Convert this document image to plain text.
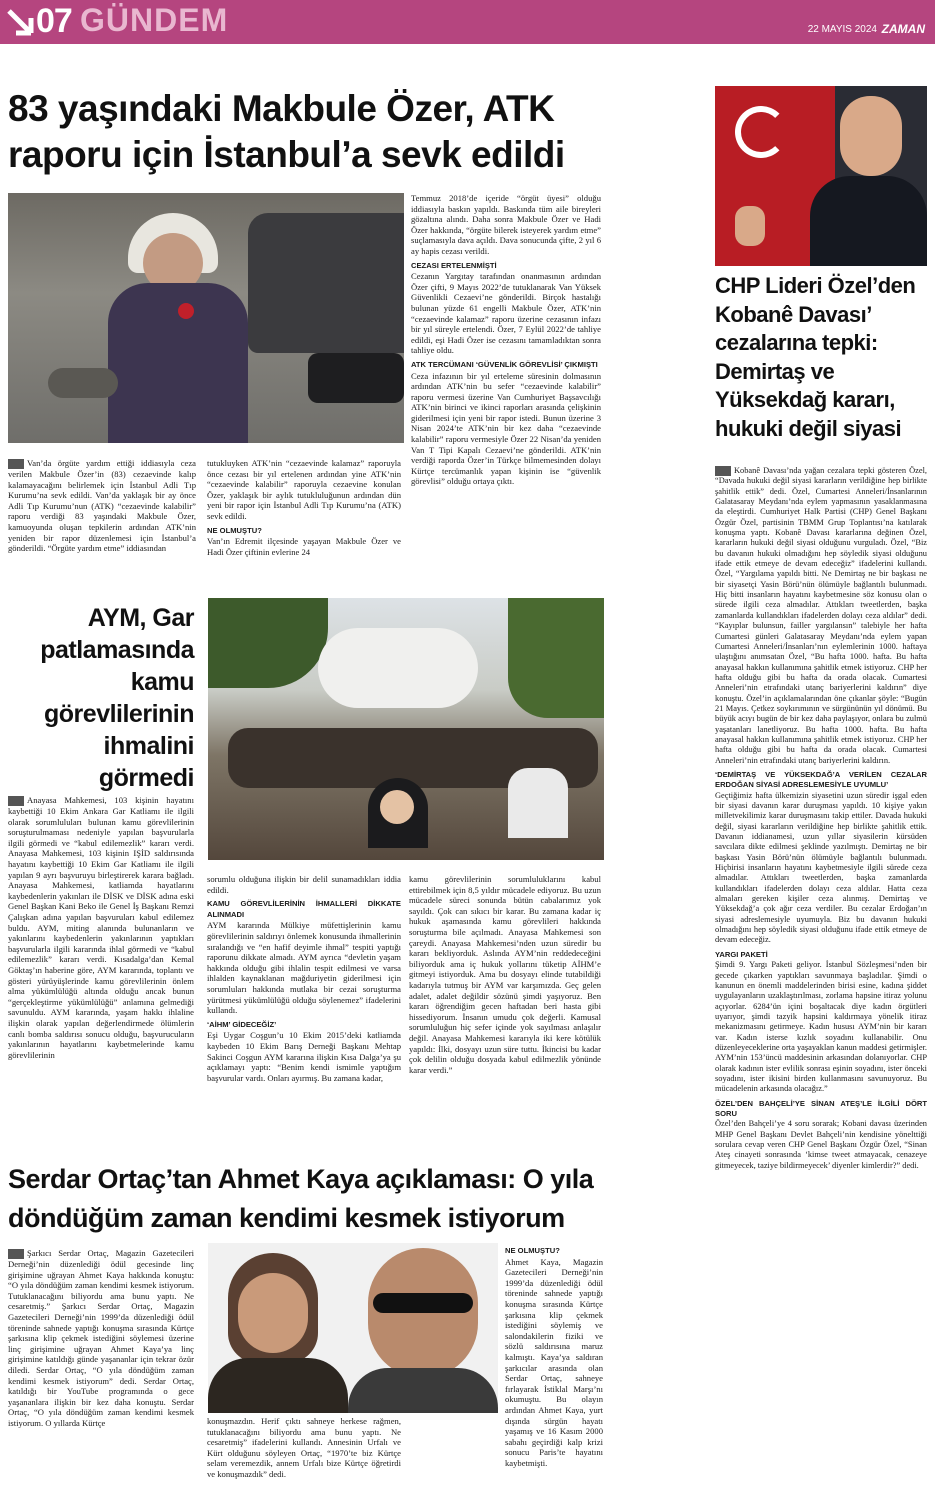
07 GÜNDEM	22 MAYIS 2024 ZAMAN
83 yaşındaki Makbule Özer, ATK
raporu için İstanbul’a sevk edildi
Van’da örgüte yardım ettiği iddiasıyla ceza verilen Makbule Özer’in (83) cezaevinde kalıp kalamayacağını belirlemek için İstanbul Adli Tıp Kurumu’na sevk edildi. Van’da yaklaşık bir ay önce Adli Tıp Kurumu’nun (ATK) “cezaevinde kalabilir” raporu verdiği 83 yaşındaki Makbule Özer, kamuoyunda oluşan tepkilerin ardından ATK’nin yeniden bir rapor düzenlemesi için İstanbul’a gönderildi. “Örgüte yardım etme” iddiasından

tutukluyken ATK’nin “cezaevinde kalamaz” raporuyla önce cezası bir yıl ertelenen ardından yine ATK’nin “cezaevinde kalabilir” raporuyla cezaevine konulan Özer, yaklaşık bir aylık tutukluluğunun ardından dün yeni bir rapor için İstanbul Adli Tıp Kurumu’na (ATK) sevk edildi.

NE OLMUŞTU?

Van’ın Edremit ilçesinde yaşayan Makbule Özer ve Hadi Özer çiftinin evlerine 24

Temmuz 2018’de içeride “örgüt üyesi” olduğu iddiasıyla baskın yapıldı. Baskında tüm aile bireyleri gözaltına alındı. Daha sonra Makbule Özer ve Hadi Özer hakkında, “örgüte bilerek isteyerek yardım etme” suçlamasıyla dava açıldı. Dava sonucunda çifte, 2 yıl 6 ay hapis cezası verildi.

CEZASI ERTELENMİŞTİ

Cezanın Yargıtay tarafından onanmasının ardından Özer çifti, 9 Mayıs 2022’de tutuklanarak Van Yüksek Güvenlikli Cezaevi’ne gönderildi. Birçok hastalığı bulunan yüzde 61 engelli Makbule Özer, ATK’nin “cezaevinde kalamaz” raporu üzerine cezasının infazı bir yıl süreyle ertelendi. Özer, 7 Eylül 2022’de tahliye edildi, eşi Hadi Özer ise cezasını tamamladıktan sonra tahliye oldu.

ATK TERCÜMANI ‘GÜVENLİK GÖREVLİSİ’ ÇIKMIŞTI

Ceza infazının bir yıl erteleme süresinin dolmasının ardından ATK’nin bu sefer “cezaevinde kalabilir” raporu vermesi üzerine Van Cumhuriyet Başsavcılığı ATK’nin birinci ve ikinci raporları arasında çelişkinin giderilmesi için yeni bir rapor istedi. Bunun üzerine 3 Nisan 2024’te ATK’nin bir kez daha “cezaevinde kalabilir” raporu vermesiyle Özer 22 Nisan’da yeniden Van T Tipi Kapalı Cezaevi’ne gönderildi. ATK’nin verdiği raporda Özer’in Türkçe bilmemesinden dolayı Kürtçe tercümanlık yapan kişinin ise “güvenlik görevlisi” olduğu ortaya çıktı.

AYM, Gar
patlamasında
kamu
görevlilerinin
ihmalini görmedi
Anayasa Mahkemesi, 103 kişinin hayatını kaybettiği 10 Ekim Ankara Gar Katliamı ile ilgili olarak sorumluluları bulunan kamu görevlilerinin soruşturulmaması nedeniyle yapılan başvurularla ilgili görmedi ve “kabul edilemezlik” kararı verdi. Anayasa Mahkemesi, 103 kişinin IŞİD saldırısında hayatını kaybettiği 10 Ekim Gar Katliamı ile ilgili yapılan 9 ayrı başvuruyu birleştirerek karara bağladı. Anayasa Mahkemesi, katliamda hayatlarını kaybedenlerin yakınları ile DİSK ve DİSK adına eski Genel Başkan Kani Beko ile Genel İş Başkanı Remzi Çalışkan adına yapılan başvuruları kabul edilemez buldu. AYM, miting alanında bulunanların ve yakınlarını kaybedenlerin yakınlarının yaptıkları başvurularla ilgili kararında ihlal görmedi ve “kabul edilemezlik” kararı verdi. Kısadalga’dan Kemal Göktaş’ın haberine göre, AYM kararında, toplantı ve gösteri yürüyüşlerinde kamu görevlilerinin önlem alma yükümlülüğü altında olduğu ancak bunun “gerçekleştirme yükümlülüğü” anlamına gelmediği savunuldu. AYM kararında, yaşam hakkı ihlaline ilişkin olarak yapılan değerlendirmede ölümlerin canlı bomba saldırısı sonucu olduğu, başvurucuların yakınlarının hayatlarını kaybetmelerinde kamu görevlilerinin

sorumlu olduğuna ilişkin bir delil sunamadıkları iddia edildi.

KAMU GÖREVLİLERİNİN İHMALLERİ DİKKATE ALINMADI

AYM kararında Mülkiye müfettişlerinin kamu görevlilerinin saldırıyı önlemek konusunda ihmallerinin sıralandığı ve “en hafif deyimle ihmal” tespiti yaptığı raporunu dikkate almadı. AYM ayrıca “devletin yaşam hakkında olduğu gibi ihlalin tespit edilmesi ve varsa ihlalden kaynaklanan mağduriyetin giderilmesi için sorumluları hakkında mutlaka bir cezai soruşturma yürütmesi yükümlülüğü olduğu söylenemez” ifadelerini kullandı.

‘AİHM’ GİDECEĞİZ’

Eşi Uygar Coşgun’u 10 Ekim 2015’deki katliamda kaybeden 10 Ekim Barış Derneği Başkanı Mehtap Sakinci Coşgun AYM kararına ilişkin Kısa Dalga’ya şu açıklamayı yaptı: “Benim kendi ismimle yaptığım başvurular vardı. Onları ayırmış. Bu zamana kadar,

kamu görevlilerinin sorumluluklarını kabul ettirebilmek için 8,5 yıldır mücadele ediyoruz. Bu uzun mücadele süreci sonunda bütün cabalarımız yok sayıldı. Çok can sıkıcı bir karar. Bu zamana kadar iç hukuk aşamasında kamu görevlileri hakkında soruşturma bile açılmadı. Anayasa Mahkemesi son çareydi. Anayasa Mahkemesi’nden uzun süredir bu kararı bekliyorduk. Aslında AYM’nin reddedeceğini biliyorduk ama iç hukuk yollarını tüketip AİHM’e gitmeyi istiyorduk. Ama bu dosyayı elinde tutabildiği kadarıyla tutmuş bir AYM var karşımızda. Geç gelen adalet, adalet değildir sözünü şimdi yaşıyoruz. Ben kararı öğrendiğim gecen haftadan beri hasta gibi hissediyorum. İnsanın umudu çok değerli. Kamusal sorumluluğun hiç sefer içinde yok sayılması anlaşılır değil. Anayasa Mahkemesi kararıyla iki kere kötülük yapıldı: İlki, dosyayı uzun süre tuttu. İkincisi bu kadar çok delilin olduğu dosyada kabul edilmezlik yönünde karar verdi.”

CHP Lideri Özel’den
Kobanê Davası’
cezalarına tepki:
Demirtaş ve
Yüksekdağ kararı,
hukuki değil siyasi

Kobanê Davası’nda yağan cezalara tepki gösteren Özel, “Davada hukuki değil siyasi kararların verildiğine hep birlikte şahitlik ettik” dedi. Özel, Cumartesi Anneleri/İnsanlarının Galatasaray Meydanı’nda eylem yapmasının yasaklanmasına da eleştirdi. Cumhuriyet Halk Partisi (CHP) Genel Başkanı Özgür Özel, partisinin TBMM Grup Toplantısı’na katılarak konuşma yaptı. Kobanê Davası kararlarına değinen Özel, kararların hukuki değil siyasi olduğunu vurguladı. Özel, “Biz bu davanın hukuki olmadığını hep söyledik siyasi olduğunu ifade ettik etmeye de devam edeceğiz” ifadelerini kullandı. Özel, “Yargılama yapıldı bitti. Ne Demirtaş ne bir başkası ne bir siyasetçi Yasin Börü’nün ölümüyle bağlantılı bulunmadı. Hiç bitti insanların hayatını kaybetmesine söz konusu olan o sürede ilgili ceza almadılar. Attıkları tweetlerden, başka zamanlarda kullandıkları ifadelerden dolayı ceza aldılar” dedi. “Kayıplar bulunsun, failler yargılansın” talebiyle her hafta Cumartesi günleri Galatasaray Meydanı’nda eylem yapan Cumartesi Anneleri/İnsanları’nın eylemlerinin 1000. haftaya ulaştığını anımsatan Özel, “Bu hafta 1000. hafta. Bu hafta anayasal hakkın kullanımına şahitlik etmek istiyoruz. CHP her hafta olduğu gibi bu hafta da orada olacak. Cumartesi Anneleri’nin etrafındaki utanç bariyerlerini kaldırın” diye konuştu. Özel’in açıklamalarından öne çıkanlar şöyle: “Bugün 21 Mayıs. Çetkez soykırımının ve sürgününün yıl dönümü. Bu büyük acıyı bugün de bir kez daha paylaşıyor, onlara bu zulmü yaşatanları lanetliyoruz. Bu hafta 1000. hafta. Bu hafta anayasal hakkın kullanımına şahitlik etmek istiyoruz. CHP her hafta olduğu gibi bu hafta da orada olacak. Cumartesi Anneleri’nin etrafındaki utanç bariyerlerini kaldırın.

‘DEMİRTAŞ VE YÜKSEKDAĞ’A VERİLEN CEZALAR ERDOĞAN SİYASİ ADRESLEMESİYLE UYUMLU’

Geçtiğimiz hafta ülkemizin siyasetini uzun süredir işgal eden bir siyasi davanın karar duruşması yapıldı. 10 kişiye yakın milletvekilimiz karar duruşmasını takip ettiler. Davada hukuki değil, siyasi kararların verildiğine hep birlikte şahitlik ettik. Davanın iddianamesi, uzun yıllar siyasilerin kürsüden savcılara dikte edilmesi şeklinde yazılmıştı. Demirtaş ne bir başkası Yasin Börü’nün ölümüyle bağlantılı bulunmadı. Hiçbirisi insanların hayatını kaybetmesiyle ilgili sürede ceza almadılar. Attıkları tweetlerden, başka zamanlarda kullandıkları ifadelerden dolayı ceza aldılar. Hatta ceza almaları gereken kişiler ceza alınmış. Demirtaş ve Yüksekdağ’a çok ağır ceza verdiler. Bu cezalar Erdoğan’ın siyasi adreslemesiyle uyumuyla. Biz bu davanın hukuki olmadığını hep söyledik siyasi olduğunu ifade ettik etmeye de devam edeceğiz.

YARGI PAKETİ

Şimdi 9. Yargı Paketi geliyor. İstanbul Sözleşmesi’nden bir gecede çıkarken yaptıkları savunmaya başladılar. Şimdi o kanunun en önemli maddelerinden birisi esine, kadına şiddet uygulayanların uzaklaştırılması, zorlama hapsine itiraz yolunu açıyorlar. 6284’ün içini boşaltacak diye kadın örgütleri uyarıyor, şimdi tazyik hapsini kaldırmaya yönelik itiraz mekanizmasını getirmeye. Kadın hususı AYM’nin bir kararı var. Kadın isterse kızlık soyadını kullanabilir. Onu düzenleyeceklerine orta yaşayaklan kanun maddesi getirmişler. AYM’nin 153’üncü maddesinin arkasından dolanıyorlar. CHP olarak kadının ister evlilik sonrası eşinin soyadını, ister önceki soyadını, ister ikisini birden kullanmasını savunuyoruz. Bu mücadelenin arkasında olacağız.”

ÖZEL’DEN BAHÇELİ’YE SİNAN ATEŞ’LE İLGİLİ DÖRT SORU

Özel’den Bahçeli’ye 4 soru sorarak; Kobani davası üzerinden MHP Genel Başkanı Devlet Bahçeli’nin kendisine yönelttiği sorulara cevap veren CHP Genel Başkanı Özgür Özel, “Sinan Ateş cinayeti sonrasında ‘kimse tweet atmayacak, cenazeye gitmeyecek, taziye bildirmeyecek’ diyenler kimlerdir?” dedi.

Serdar Ortaç’tan Ahmet Kaya açıklaması: O yıla
döndüğüm zaman kendimi kesmek istiyorum
Şarkıcı Serdar Ortaç, Magazin Gazetecileri Derneği’nin düzenlediği ödül gecesinde linç girişimine uğrayan Ahmet Kaya hakkında konuştu: “O yıla döndüğüm zaman kendimi kesmek istiyorum. Tutuklanacağını biliyordu ama bunu yaptı. Ne cesaretmiş.” Şarkıcı Serdar Ortaç, Magazin Gazetecileri Derneği’nin 1999’da düzenlediği ödül töreninde sahnede yaptığı konuşma sırasında Kürtçe şarkısına klip çekmek istediğini söylemesi üzerine linç girişimine uğrayan Ahmet Kaya’ya linç girişimine katıldığı günde yaşananlar için tekrar özür diledi. Serdar Ortaç, “O yıla döndüğüm zaman kendimi kesmek istiyorum” dedi. Serdar Ortaç, katıldığı bir YouTube programında o gece yaşananlara ilişkin bir kez daha konuştu. Serdar Ortaç, “O yıla döndüğüm zaman kendimi kesmek istiyorum. O yıllarda Kürtçe	konuşmazdın. Herif çıktı sahneye herkese rağmen, tutuklanacağını biliyordu ama bunu yaptı. Ne cesaretmiş” ifadelerini kullandı. Annesinin Urfalı ve Kürt olduğunu söyleyen Ortaç, “1970’te biz Kürtçe selam veremezdik, annem Urfalı bize Kürtçe öğretirdi ve konuşmazdık” dedi.

NE OLMUŞTU?

Ahmet Kaya, Magazin Gazetecileri Derneği’nin 1999’da düzenlediği ödül töreninde sahnede yaptığı konuşma sırasında Kürtçe şarkısına klip çekmek istediğini söylemiş ve salondakilerin fiziki ve sözlü saldırısına maruz kalmıştı. Kaya’ya saldıran şarkıcılar arasında olan Serdar Ortaç, sahneye fırlayarak İstiklal Marşı’nı okumuştu. Bu olayın ardından Ahmet Kaya, yurt dışında sürgün hayatı yaşamış ve 16 Kasım 2000 sabahı geçirdiği kalp krizi sonucu Paris’te hayatını kaybetmişti.
